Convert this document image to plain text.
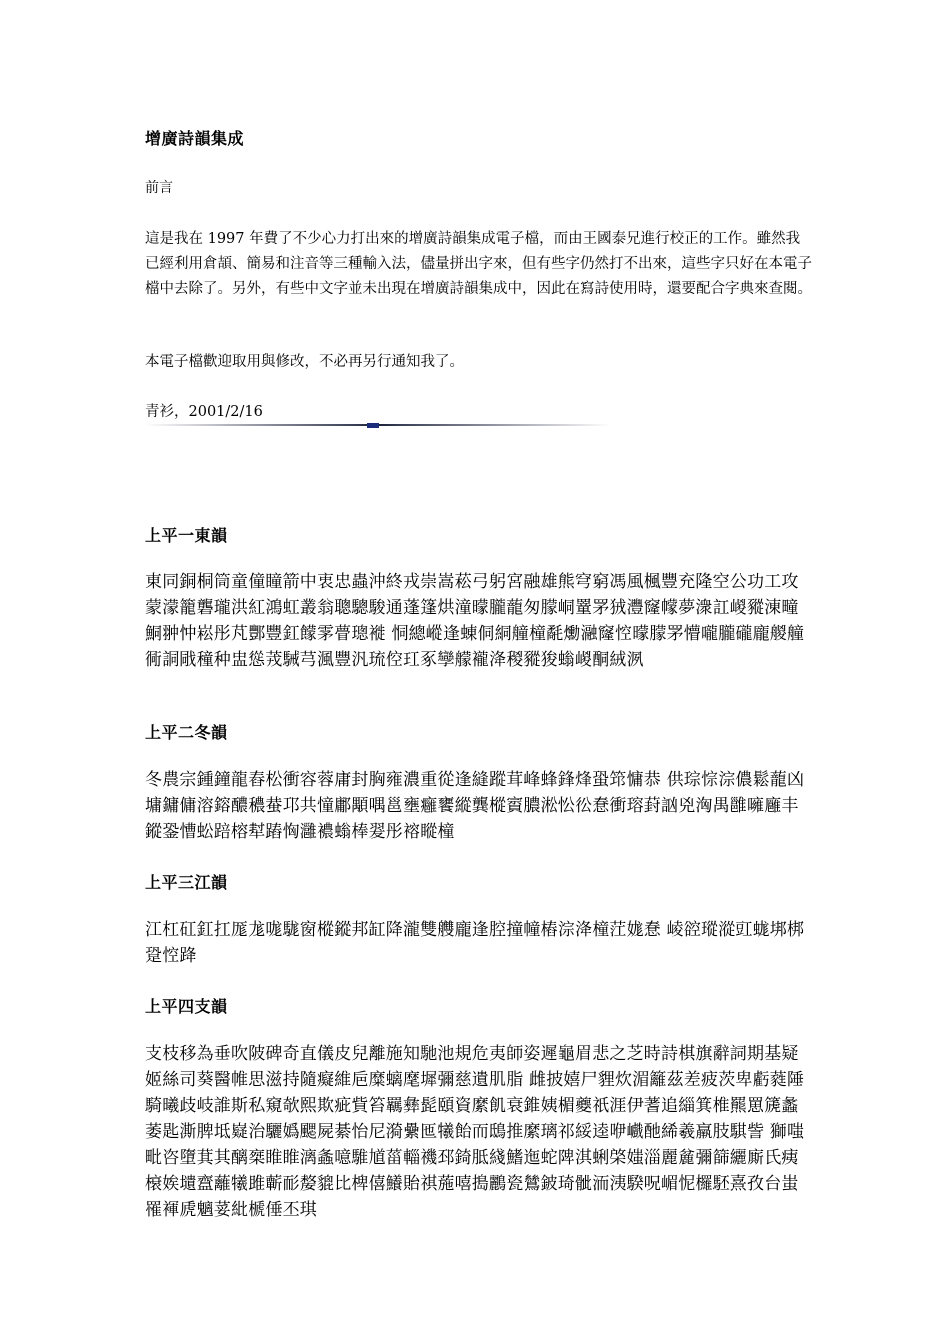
增廣詩韻集成
前言
這是我在 1997 年費了不少心力打出來的增廣詩韻集成電子檔，而由王國泰兄進行校正的工作。雖然我已經利用倉頡、簡易和注音等三種輸入法，儘量拼出字來，但有些字仍然打不出來，這些字只好在本電子檔中去除了。另外，有些中文字並未出現在增廣詩韻集成中，因此在寫詩使用時，還要配合字典來查閱。
本電子檔歡迎取用與修改，不必再另行通知我了。
青衫，2001/2/16
上平一東韻
東同銅桐筒童僮瞳箭中衷忠蟲沖終戎崇嵩菘弓躬宮融雄熊穹窮馮風楓豐充隆空公功工攻蒙濛籠礱瓏洪紅鴻虹叢翁聰驄駿通蓬篷烘潼曚朧蘢匆朦峒罿罞狨灃窿幪夢潨訌嵕豵涷疃鮦翀忡崧彤芃酆豐釭饛雺瞢璁褷 恫總嵷逢蝀侗絧艟橦氄爋瀜窿悾曚朦罞懵嚨朧礲龐艐艟衕詷戙穜种盅慫茙駴芎渢豐汎琉倥玒豖孿艨襱洚稯豵狻螉嵕酮絨洬
上平二冬韻
冬農宗鍾鐘龍舂松衝容蓉庸封胸雍濃重從逢縫蹤茸峰蜂鋒烽蛩筇慵恭 供琮悰淙儂鬆蘢凶墉鏞傭溶鎔醲穠蛬邛共憧鄘顒喁邕壅癰饔縱龔樅賨膿淞忪彸惷衝瑢葑訩兇洶禺雝噰廱丰鏦銎慒蚣踣榕犎蹖恟灉襛螉棒翇彤褣瞛橦
上平三江韻
江杠矼釭扛厖尨哤駹窗樅鏦邦缸降瀧雙艭龐逢腔撞幢樁淙洚橦茳娏惷 崚谾瑽漎豇蛖垹梆跫悾跭
上平四支韻
支枝移為垂吹陂碑奇直儀皮兒離施知馳池規危夷師姿遲龜眉悲之芝時詩棋旗辭詞期基疑姬絲司葵醫帷思滋持隨癡維巵糜螭麾墀彌慈遺肌脂 雌披嬉尸貍炊湄籬茲差疲茨卑虧蕤陲騎曦歧岐誰斯私窺欹熙欺疵貲笞羈彝髭頤資縻飢衰錐姨楣夔祇涯伊蓍追緇箕椎羆罳篪蠡萎匙澌脾坻嶷治驪嬀颸屍綦怡尼漪纍匜犧飴而鴟推縻璃祁綏逵咿巇酏絺羲羸肢騏訾 獅嗤毗咨墮萁其醨椉睢睢漓螽噫騅馗菑輜禨邳錡胝綫鰭迤蛇陴淇蜊棨媸淄麗麄彌篩纚廝氏痍榱娭壝齍蘺犧雎蘄耏嫠貔比椑僖鱶貽祺葹嘻搗鸝瓷鷥鈹琦骴洏洟騤呪嵋怩欏駓熹孜台蚩罹褌虒魑荽紕榹倕丕琪
